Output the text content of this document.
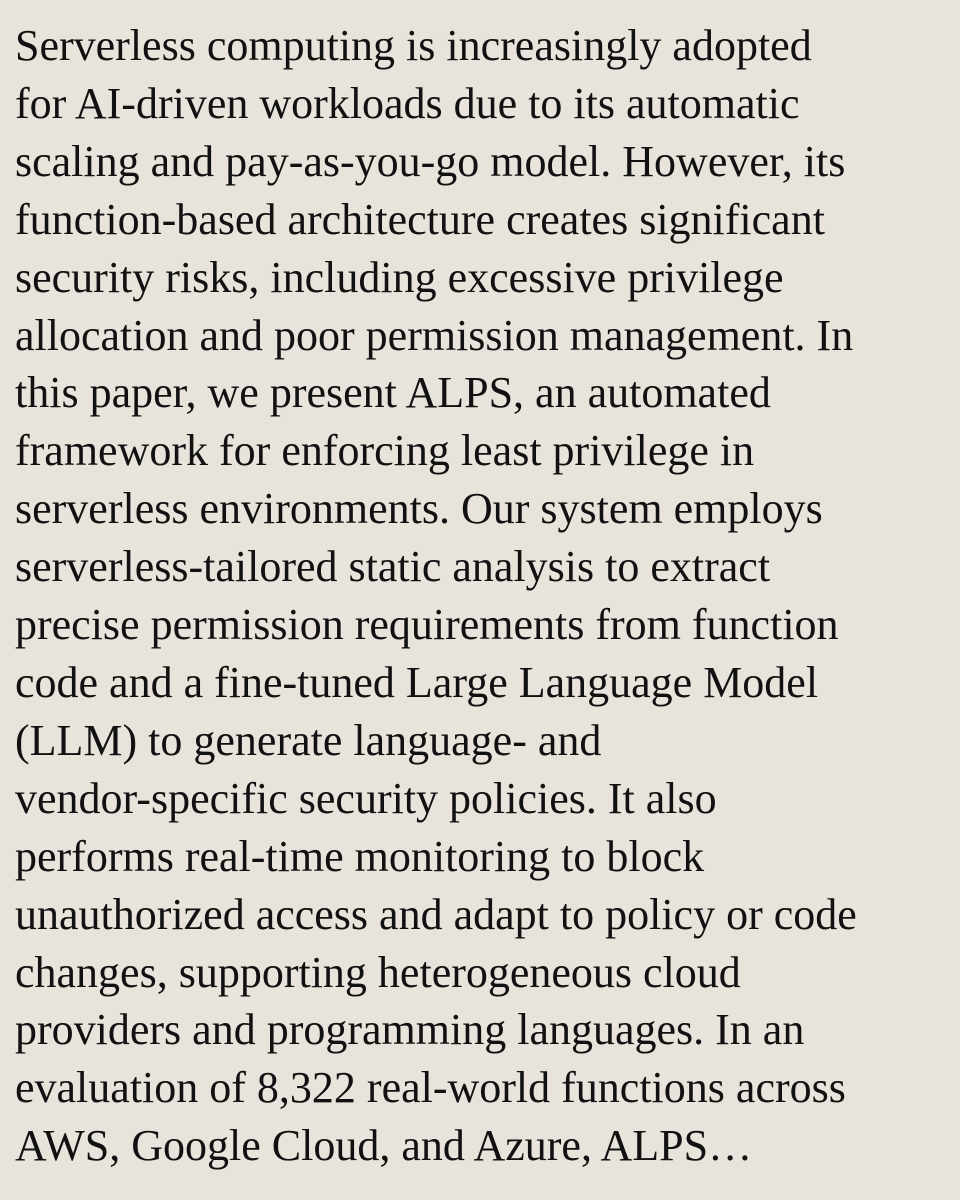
Serverless computing is increasingly adopted
for AI-driven workloads due to its automatic
scaling and pay-as-you-go model. However, its
function-based architecture creates significant
security risks, including excessive privilege
allocation and poor permission management. In
this paper, we present ALPS, an automated
framework for enforcing least privilege in
serverless environments. Our system employs
serverless-tailored static analysis to extract
precise permission requirements from function
code and a fine-tuned Large Language Model
(LLM) to generate language- and
vendor-specific security policies. It also
performs real-time monitoring to block
unauthorized access and adapt to policy or code
changes, supporting heterogeneous cloud
providers and programming languages. In an
evaluation of 8,322 real-world functions across
AWS, Google Cloud, and Azure, ALPS…
